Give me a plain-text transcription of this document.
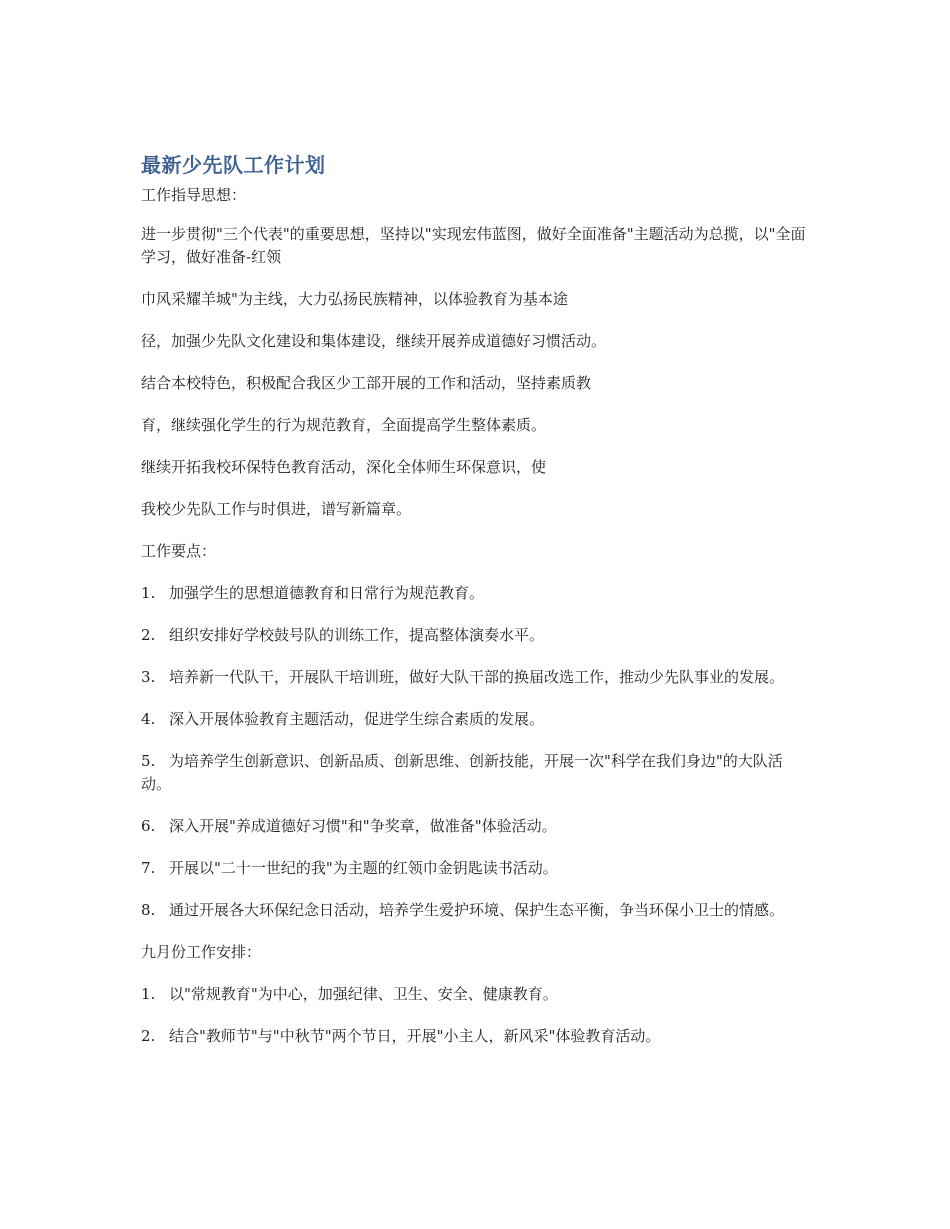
最新少先队工作计划

工作指导思想：

进一步贯彻"三个代表"的重要思想，坚持以"实现宏伟蓝图，做好全面准备"主题活动为总揽，以"全面学习，做好准备-红领

巾风采耀羊城"为主线，大力弘扬民族精神，以体验教育为基本途

径，加强少先队文化建设和集体建设，继续开展养成道德好习惯活动。

结合本校特色，积极配合我区少工部开展的工作和活动，坚持素质教

育，继续强化学生的行为规范教育，全面提高学生整体素质。

继续开拓我校环保特色教育活动，深化全体师生环保意识，使

我校少先队工作与时俱进，谱写新篇章。

工作要点：

1. 加强学生的思想道德教育和日常行为规范教育。

2. 组织安排好学校鼓号队的训练工作，提高整体演奏水平。

3. 培养新一代队干，开展队干培训班，做好大队干部的换届改选工作，推动少先队事业的发展。

4. 深入开展体验教育主题活动，促进学生综合素质的发展。

5. 为培养学生创新意识、创新品质、创新思维、创新技能，开展一次"科学在我们身边"的大队活动。

6. 深入开展"养成道德好习惯"和"争奖章，做准备"体验活动。

7. 开展以"二十一世纪的我"为主题的红领巾金钥匙读书活动。

8. 通过开展各大环保纪念日活动，培养学生爱护环境、保护生态平衡，争当环保小卫士的情感。

九月份工作安排：

1. 以"常规教育"为中心，加强纪律、卫生、安全、健康教育。

2. 结合"教师节"与"中秋节"两个节日，开展"小主人，新风采"体验教育活动。
